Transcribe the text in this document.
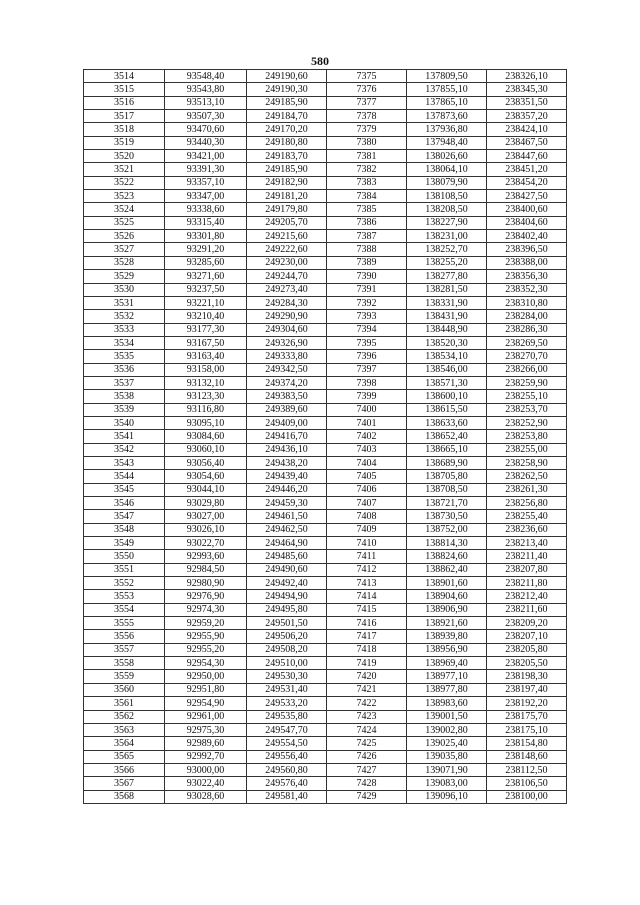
580
3514	93548,40	249190,60	7375	137809,50	238326,10
3515	93543,80	249190,30	7376	137855,10	238345,30
3516	93513,10	249185,90	7377	137865,10	238351,50
3517	93507,30	249184,70	7378	137873,60	238357,20
3518	93470,60	249170,20	7379	137936,80	238424,10
3519	93440,30	249180,80	7380	137948,40	238467,50
3520	93421,00	249183,70	7381	138026,60	238447,60
3521	93391,30	249185,90	7382	138064,10	238451,20
3522	93357,10	249182,90	7383	138079,90	238454,20
3523	93347,00	249181,20	7384	138108,50	238427,50
3524	93338,60	249179,80	7385	138208,50	238400,60
3525	93315,40	249205,70	7386	138227,90	238404,60
3526	93301,80	249215,60	7387	138231,00	238402,40
3527	93291,20	249222,60	7388	138252,70	238396,50
3528	93285,60	249230,00	7389	138255,20	238388,00
3529	93271,60	249244,70	7390	138277,80	238356,30
3530	93237,50	249273,40	7391	138281,50	238352,30
3531	93221,10	249284,30	7392	138331,90	238310,80
3532	93210,40	249290,90	7393	138431,90	238284,00
3533	93177,30	249304,60	7394	138448,90	238286,30
3534	93167,50	249326,90	7395	138520,30	238269,50
3535	93163,40	249333,80	7396	138534,10	238270,70
3536	93158,00	249342,50	7397	138546,00	238266,00
3537	93132,10	249374,20	7398	138571,30	238259,90
3538	93123,30	249383,50	7399	138600,10	238255,10
3539	93116,80	249389,60	7400	138615,50	238253,70
3540	93095,10	249409,00	7401	138633,60	238252,90
3541	93084,60	249416,70	7402	138652,40	238253,80
3542	93060,10	249436,10	7403	138665,10	238255,00
3543	93056,40	249438,20	7404	138689,90	238258,90
3544	93054,60	249439,40	7405	138705,80	238262,50
3545	93044,10	249446,20	7406	138708,50	238261,30
3546	93029,80	249459,30	7407	138721,70	238256,80
3547	93027,00	249461,50	7408	138730,50	238255,40
3548	93026,10	249462,50	7409	138752,00	238236,60
3549	93022,70	249464,90	7410	138814,30	238213,40
3550	92993,60	249485,60	7411	138824,60	238211,40
3551	92984,50	249490,60	7412	138862,40	238207,80
3552	92980,90	249492,40	7413	138901,60	238211,80
3553	92976,90	249494,90	7414	138904,60	238212,40
3554	92974,30	249495,80	7415	138906,90	238211,60
3555	92959,20	249501,50	7416	138921,60	238209,20
3556	92955,90	249506,20	7417	138939,80	238207,10
3557	92955,20	249508,20	7418	138956,90	238205,80
3558	92954,30	249510,00	7419	138969,40	238205,50
3559	92950,00	249530,30	7420	138977,10	238198,30
3560	92951,80	249531,40	7421	138977,80	238197,40
3561	92954,90	249533,20	7422	138983,60	238192,20
3562	92961,00	249535,80	7423	139001,50	238175,70
3563	92975,30	249547,70	7424	139002,80	238175,10
3564	92989,60	249554,50	7425	139025,40	238154,80
3565	92992,70	249556,40	7426	139035,80	238148,60
3566	93000,00	249560,80	7427	139071,90	238112,50
3567	93022,40	249576,40	7428	139083,00	238106,50
3568	93028,60	249581,40	7429	139096,10	238100,00
